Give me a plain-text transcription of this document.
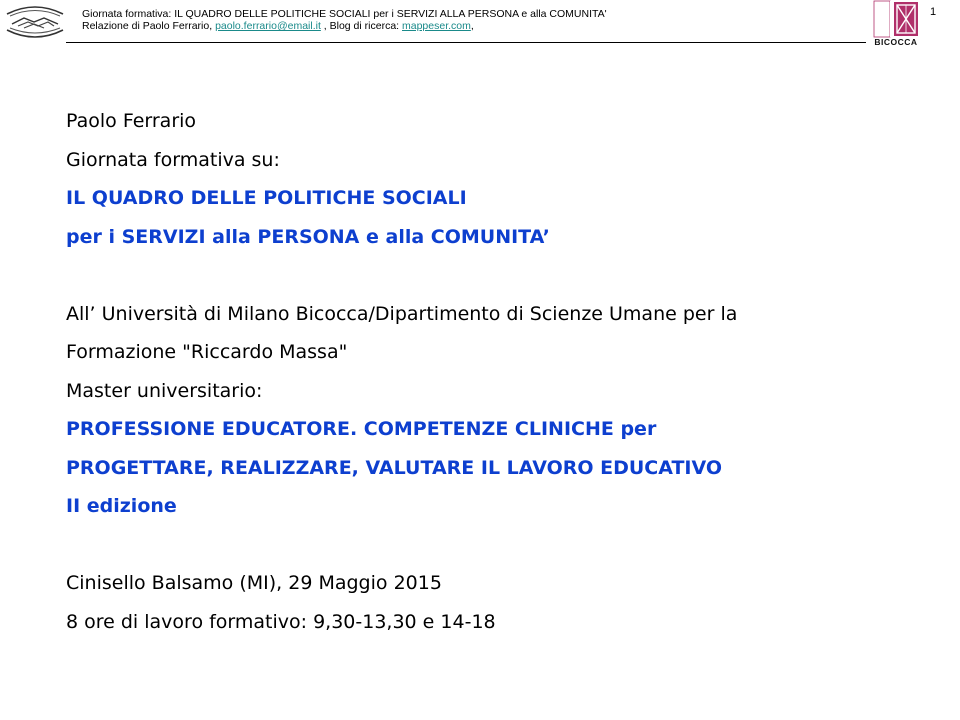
Giornata formativa: IL QUADRO DELLE POLITICHE SOCIALI per i SERVIZI ALLA PERSONA e alla COMUNITA'
Relazione di Paolo Ferrario, paolo.ferrario@email.it , Blog di ricerca: mappeser.com,
BICOCCA
1
Paolo Ferrario
Giornata formativa su:
IL QUADRO DELLE POLITICHE SOCIALI
per i SERVIZI alla PERSONA e alla COMUNITA’
All’ Università di Milano Bicocca/Dipartimento di Scienze Umane per la
Formazione "Riccardo Massa"
Master universitario:
PROFESSIONE EDUCATORE. COMPETENZE CLINICHE per
PROGETTARE, REALIZZARE, VALUTARE IL LAVORO EDUCATIVO
II edizione
Cinisello Balsamo (MI), 29 Maggio 2015
8 ore di lavoro formativo: 9,30-13,30 e 14-18
